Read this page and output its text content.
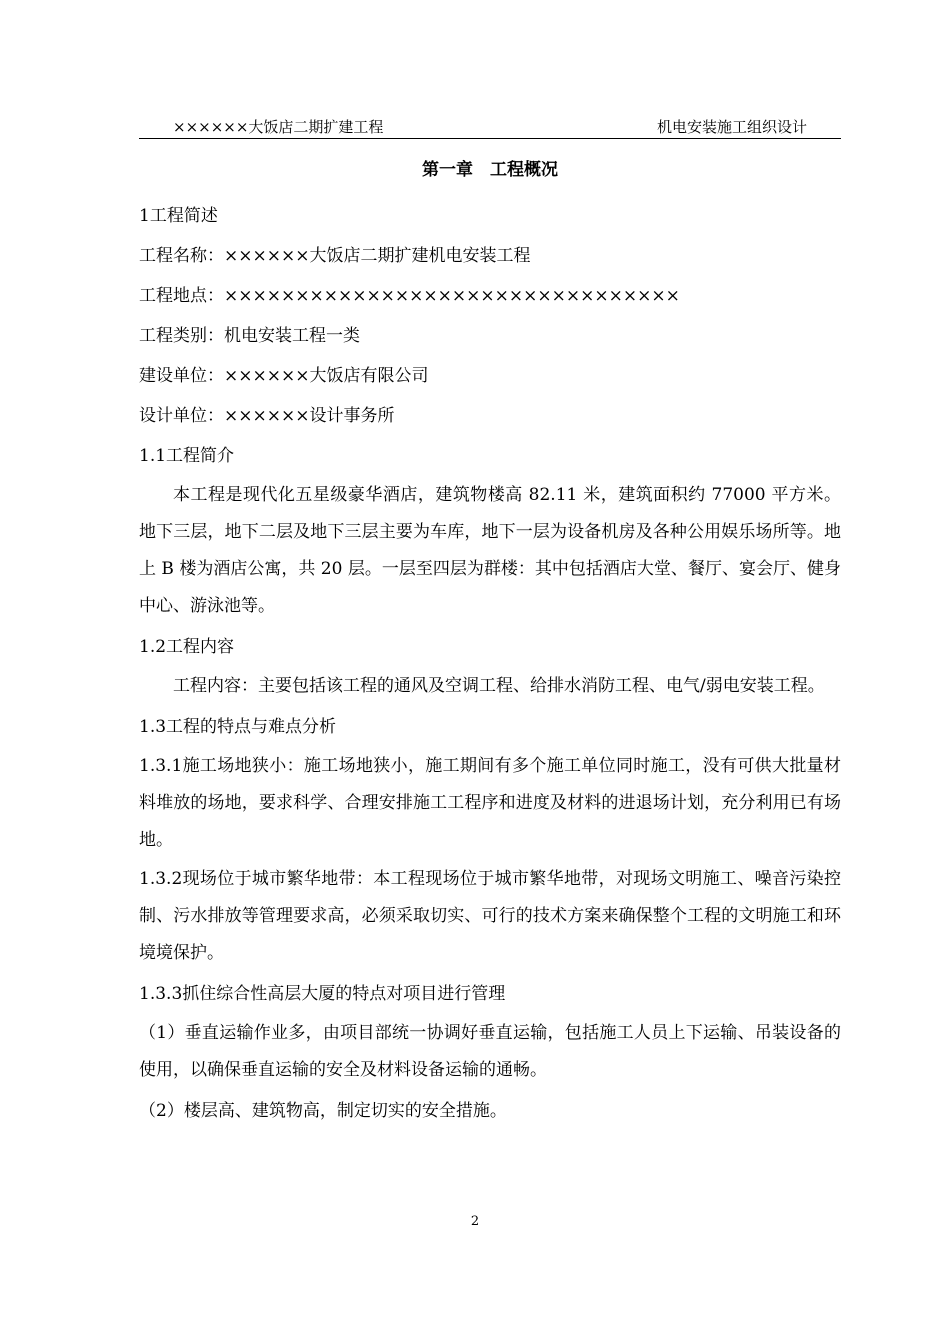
××××××大饭店二期扩建工程	机电安装施工组织设计
第一章　工程概况

1工程简述

工程名称：××××××大饭店二期扩建机电安装工程

工程地点：××××××××××××××××××××××××××××××××

工程类别：机电安装工程一类

建设单位：××××××大饭店有限公司

设计单位：××××××设计事务所

1.1工程简介

本工程是现代化五星级豪华酒店，建筑物楼高 82.11 米，建筑面积约 77000 平方米。地下三层，地下二层及地下三层主要为车库，地下一层为设备机房及各种公用娱乐场所等。地上 B 楼为酒店公寓，共 20 层。一层至四层为群楼：其中包括酒店大堂、餐厅、宴会厅、健身中心、游泳池等。

1.2工程内容

工程内容：主要包括该工程的通风及空调工程、给排水消防工程、电气/弱电安装工程。

1.3工程的特点与难点分析

1.3.1施工场地狭小：施工场地狭小，施工期间有多个施工单位同时施工，没有可供大批量材料堆放的场地，要求科学、合理安排施工工程序和进度及材料的进退场计划，充分利用已有场地。

1.3.2现场位于城市繁华地带：本工程现场位于城市繁华地带，对现场文明施工、噪音污染控制、污水排放等管理要求高，必须采取切实、可行的技术方案来确保整个工程的文明施工和环境境保护。

1.3.3抓住综合性高层大厦的特点对项目进行管理

（1）垂直运输作业多，由项目部统一协调好垂直运输，包括施工人员上下运输、吊装设备的使用，以确保垂直运输的安全及材料设备运输的通畅。

（2）楼层高、建筑物高，制定切实的安全措施。

2
